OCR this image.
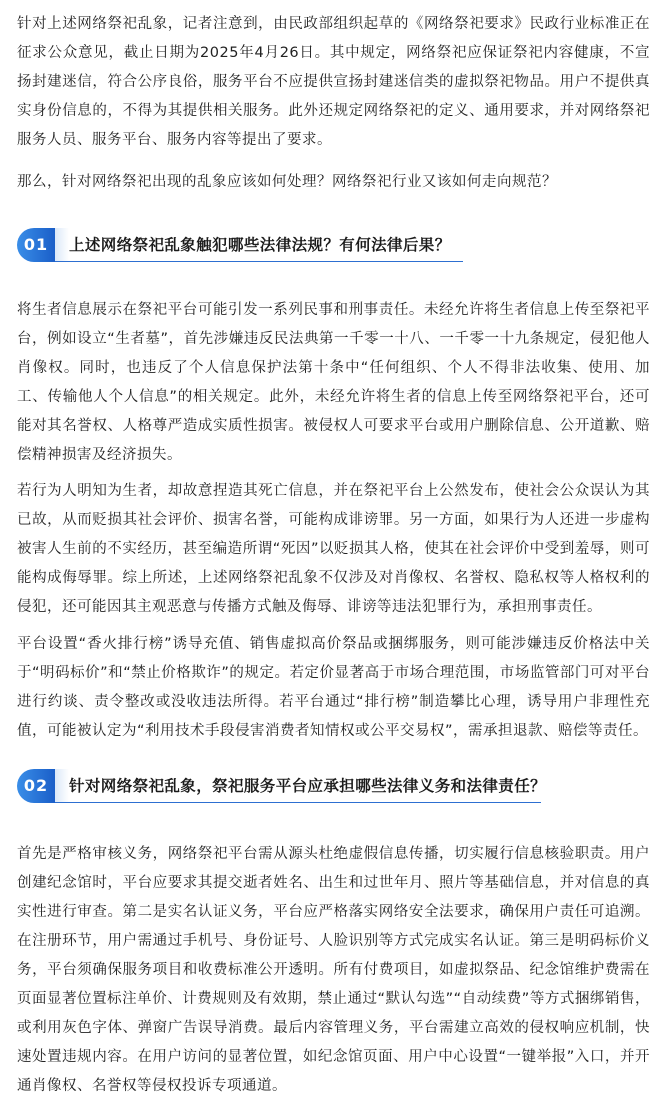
针对上述网络祭祀乱象，记者注意到，由民政部组织起草的《网络祭祀要求》民政行业标准正在征求公众意见，截止日期为2025年4月26日。其中规定，网络祭祀应保证祭祀内容健康，不宣扬封建迷信，符合公序良俗，服务平台不应提供宣扬封建迷信类的虚拟祭祀物品。用户不提供真实身份信息的，不得为其提供相关服务。此外还规定网络祭祀的定义、通用要求，并对网络祭祀服务人员、服务平台、服务内容等提出了要求。

那么，针对网络祭祀出现的乱象应该如何处理？网络祭祀行业又该如何走向规范？

01	上述网络祭祀乱象触犯哪些法律法规？有何法律后果？

将生者信息展示在祭祀平台可能引发一系列民事和刑事责任。未经允许将生者信息上传至祭祀平台，例如设立“生者墓”，首先涉嫌违反民法典第一千零一十八、一千零一十九条规定，侵犯他人肖像权。同时，也违反了个人信息保护法第十条中“任何组织、个人不得非法收集、使用、加工、传输他人个人信息”的相关规定。此外，未经允许将生者的信息上传至网络祭祀平台，还可能对其名誉权、人格尊严造成实质性损害。被侵权人可要求平台或用户删除信息、公开道歉、赔偿精神损害及经济损失。

若行为人明知为生者，却故意捏造其死亡信息，并在祭祀平台上公然发布，使社会公众误认为其已故，从而贬损其社会评价、损害名誉，可能构成诽谤罪。另一方面，如果行为人还进一步虚构被害人生前的不实经历，甚至编造所谓“死因”以贬损其人格，使其在社会评价中受到羞辱，则可能构成侮辱罪。综上所述，上述网络祭祀乱象不仅涉及对肖像权、名誉权、隐私权等人格权利的侵犯，还可能因其主观恶意与传播方式触及侮辱、诽谤等违法犯罪行为，承担刑事责任。

平台设置“香火排行榜”诱导充值、销售虚拟高价祭品或捆绑服务，则可能涉嫌违反价格法中关于“明码标价”和“禁止价格欺诈”的规定。若定价显著高于市场合理范围，市场监管部门可对平台进行约谈、责令整改或没收违法所得。若平台通过“排行榜”制造攀比心理，诱导用户非理性充值，可能被认定为“利用技术手段侵害消费者知情权或公平交易权”，需承担退款、赔偿等责任。

02	针对网络祭祀乱象，祭祀服务平台应承担哪些法律义务和法律责任？

首先是严格审核义务，网络祭祀平台需从源头杜绝虚假信息传播，切实履行信息核验职责。用户创建纪念馆时，平台应要求其提交逝者姓名、出生和过世年月、照片等基础信息，并对信息的真实性进行审查。第二是实名认证义务，平台应严格落实网络安全法要求，确保用户责任可追溯。在注册环节，用户需通过手机号、身份证号、人脸识别等方式完成实名认证。第三是明码标价义务，平台须确保服务项目和收费标准公开透明。所有付费项目，如虚拟祭品、纪念馆维护费需在页面显著位置标注单价、计费规则及有效期，禁止通过“默认勾选”“自动续费”等方式捆绑销售，或利用灰色字体、弹窗广告误导消费。最后内容管理义务，平台需建立高效的侵权响应机制，快速处置违规内容。在用户访问的显著位置，如纪念馆页面、用户中心设置“一键举报”入口，并开通肖像权、名誉权等侵权投诉专项通道。
